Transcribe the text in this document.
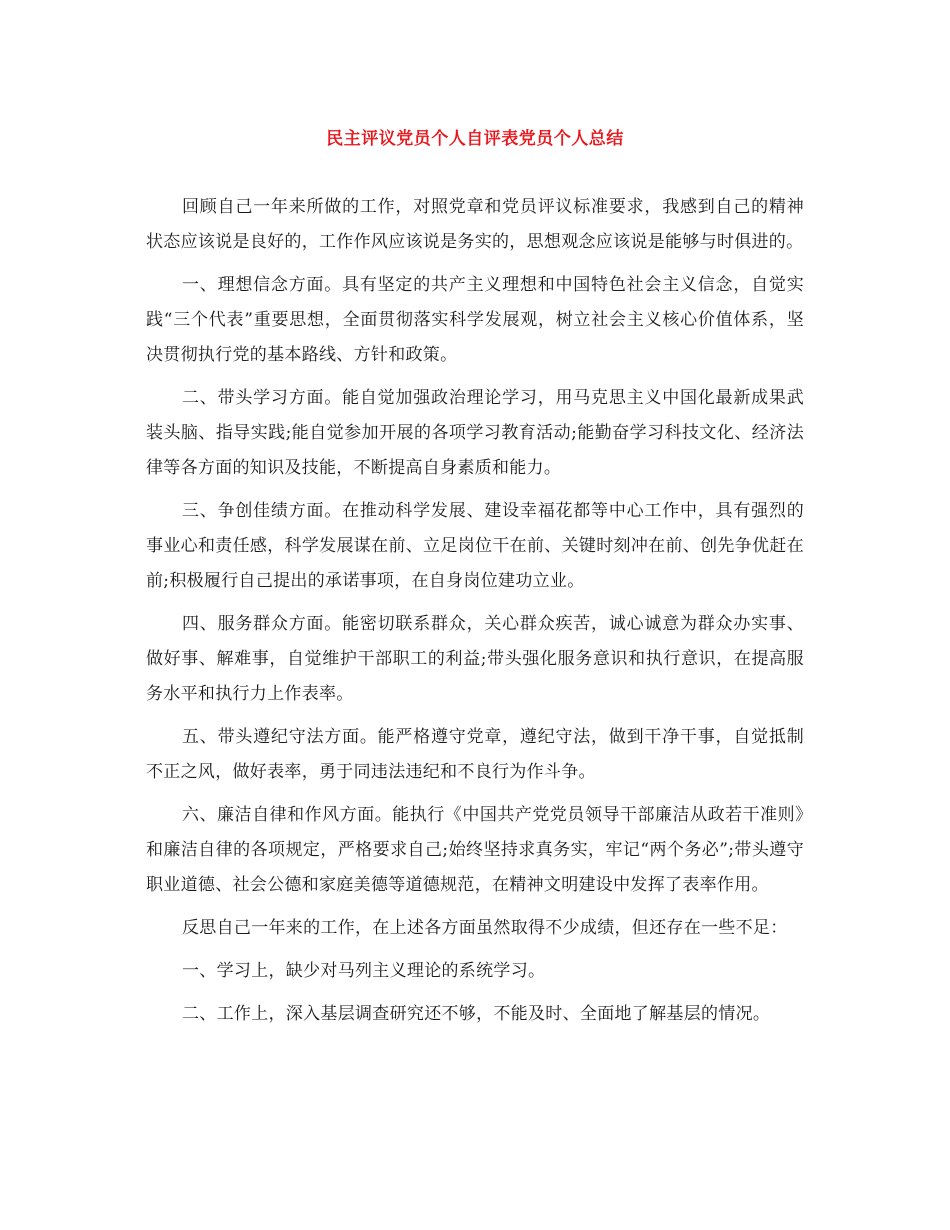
民主评议党员个人自评表党员个人总结

回顾自己一年来所做的工作，对照党章和党员评议标准要求，我感到自己的精神状态应该说是良好的，工作作风应该说是务实的，思想观念应该说是能够与时俱进的。

一、理想信念方面。具有坚定的共产主义理想和中国特色社会主义信念，自觉实践“三个代表”重要思想，全面贯彻落实科学发展观，树立社会主义核心价值体系，坚决贯彻执行党的基本路线、方针和政策。

二、带头学习方面。能自觉加强政治理论学习，用马克思主义中国化最新成果武装头脑、指导实践;能自觉参加开展的各项学习教育活动;能勤奋学习科技文化、经济法律等各方面的知识及技能，不断提高自身素质和能力。

三、争创佳绩方面。在推动科学发展、建设幸福花都等中心工作中，具有强烈的事业心和责任感，科学发展谋在前、立足岗位干在前、关键时刻冲在前、创先争优赶在前;积极履行自己提出的承诺事项，在自身岗位建功立业。

四、服务群众方面。能密切联系群众，关心群众疾苦，诚心诚意为群众办实事、做好事、解难事，自觉维护干部职工的利益;带头强化服务意识和执行意识，在提高服务水平和执行力上作表率。

五、带头遵纪守法方面。能严格遵守党章，遵纪守法，做到干净干事，自觉抵制不正之风，做好表率，勇于同违法违纪和不良行为作斗争。

六、廉洁自律和作风方面。能执行《中国共产党党员领导干部廉洁从政若干准则》和廉洁自律的各项规定，严格要求自己;始终坚持求真务实，牢记“两个务必”;带头遵守职业道德、社会公德和家庭美德等道德规范，在精神文明建设中发挥了表率作用。

反思自己一年来的工作，在上述各方面虽然取得不少成绩，但还存在一些不足：

一、学习上，缺少对马列主义理论的系统学习。

二、工作上，深入基层调查研究还不够，不能及时、全面地了解基层的情况。
